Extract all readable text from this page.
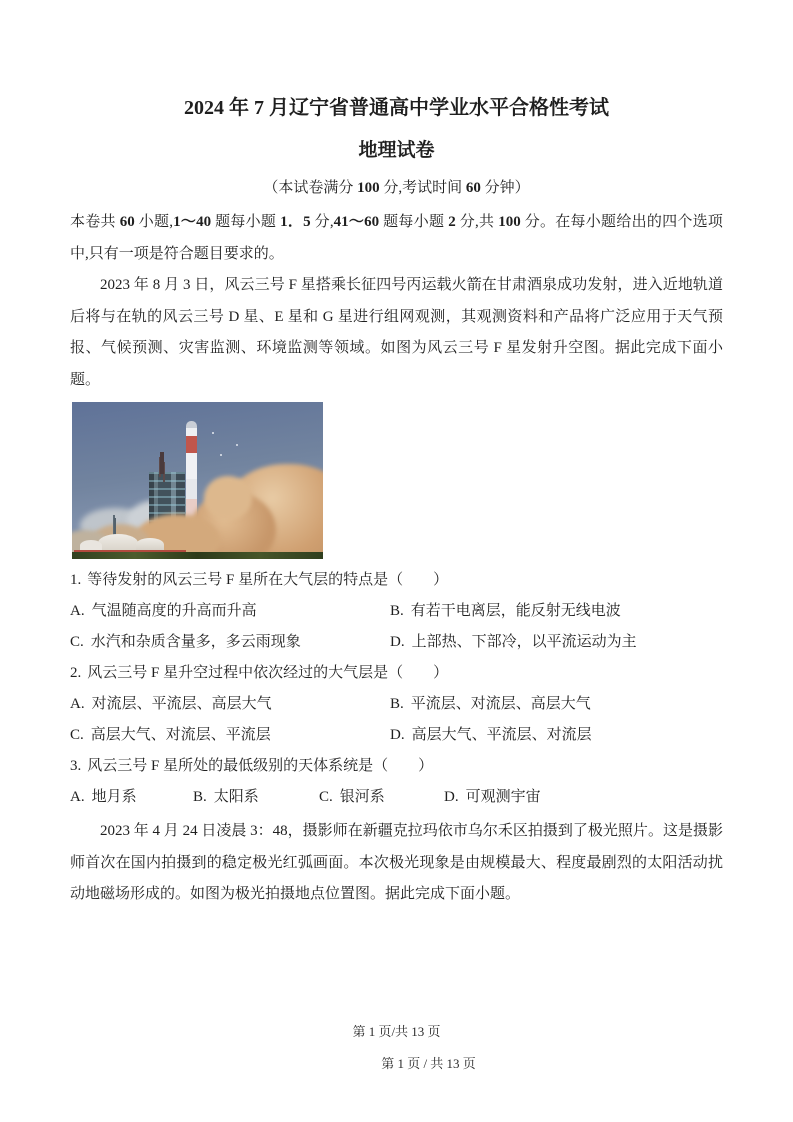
2024 年 7 月辽宁省普通高中学业水平合格性考试
地理试卷
（本试卷满分 100 分,考试时间 60 分钟）
本卷共 60 小题,1～40 题每小题 1．5 分,41～60 题每小题 2 分,共 100 分。在每小题给出的四个选项中,只有一项是符合题目要求的。

2023 年 8 月 3 日，风云三号 F 星搭乘长征四号丙运载火箭在甘肃酒泉成功发射，进入近地轨道后将与在轨的风云三号 D 星、E 星和 G 星进行组网观测，其观测资料和产品将广泛应用于天气预报、气候预测、灾害监测、环境监测等领域。如图为风云三号 F 星发射升空图。据此完成下面小题。

1. 等待发射的风云三号 F 星所在大气层的特点是（　　）
A. 气温随高度的升高而升高	B. 有若干电离层，能反射无线电波
C. 水汽和杂质含量多，多云雨现象	D. 上部热、下部冷，以平流运动为主
2. 风云三号 F 星升空过程中依次经过的大气层是（　　）
A. 对流层、平流层、高层大气	B. 平流层、对流层、高层大气
C. 高层大气、对流层、平流层	D. 高层大气、平流层、对流层
3. 风云三号 F 星所处的最低级别的天体系统是（　　）
A. 地月系	B. 太阳系	C. 银河系	D. 可观测宇宙

2023 年 4 月 24 日凌晨 3：48，摄影师在新疆克拉玛依市乌尔禾区拍摄到了极光照片。这是摄影师首次在国内拍摄到的稳定极光红弧画面。本次极光现象是由规模最大、程度最剧烈的太阳活动扰动地磁场形成的。如图为极光拍摄地点位置图。据此完成下面小题。

第 1 页/共 13 页
第 1 页 / 共 13 页
